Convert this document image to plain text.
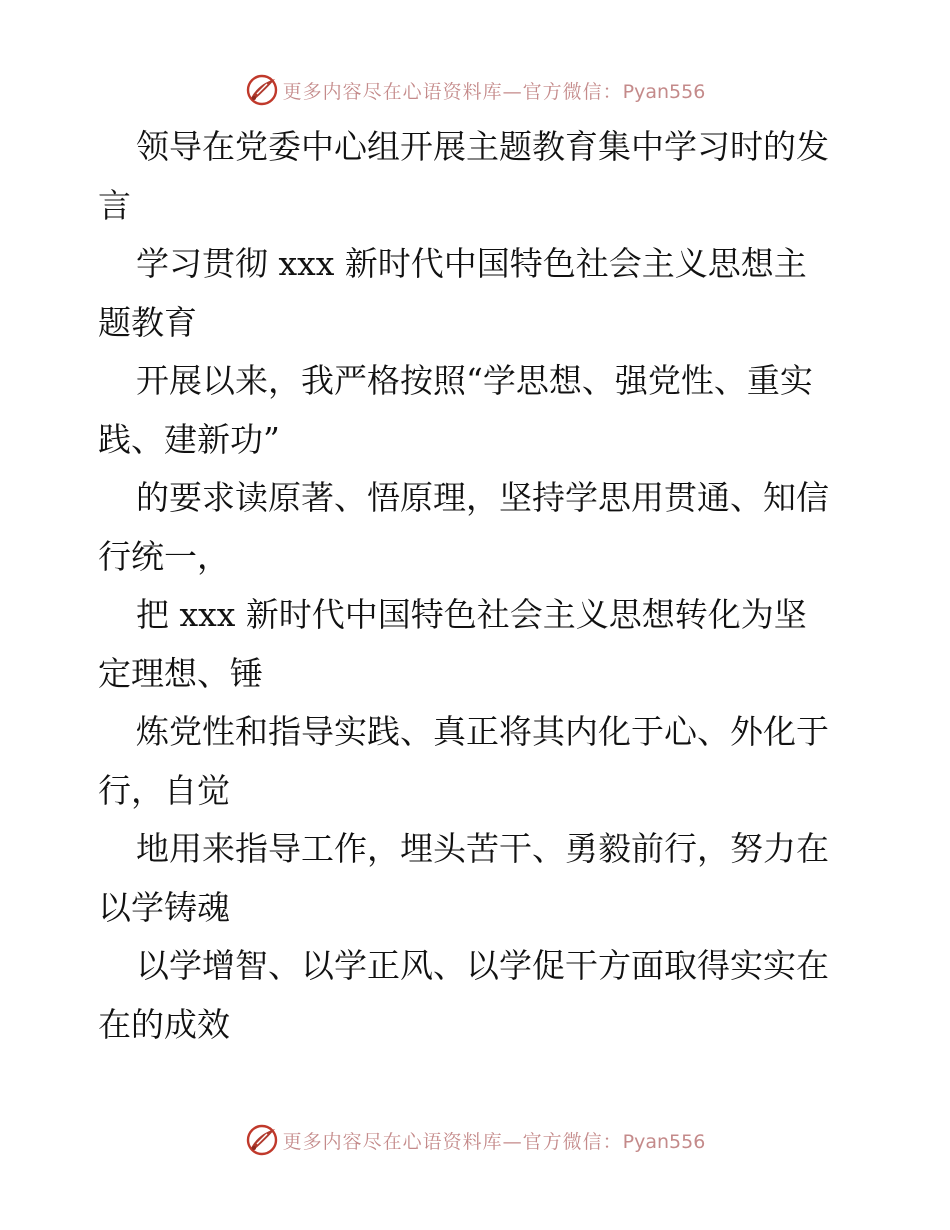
更多内容尽在心语资料库—官方微信：Pyan556

领导在党委中心组开展主题教育集中学习时的发
言

学习贯彻 xxx 新时代中国特色社会主义思想主
题教育

开展以来，我严格按照“学思想、强党性、重实
践、建新功”

的要求读原著、悟原理，坚持学思用贯通、知信
行统一，

把 xxx 新时代中国特色社会主义思想转化为坚
定理想、锤

炼党性和指导实践、真正将其内化于心、外化于
行，自觉

地用来指导工作，埋头苦干、勇毅前行，努力在
以学铸魂

以学增智、以学正风、以学促干方面取得实实在
在的成效

更多内容尽在心语资料库—官方微信：Pyan556
